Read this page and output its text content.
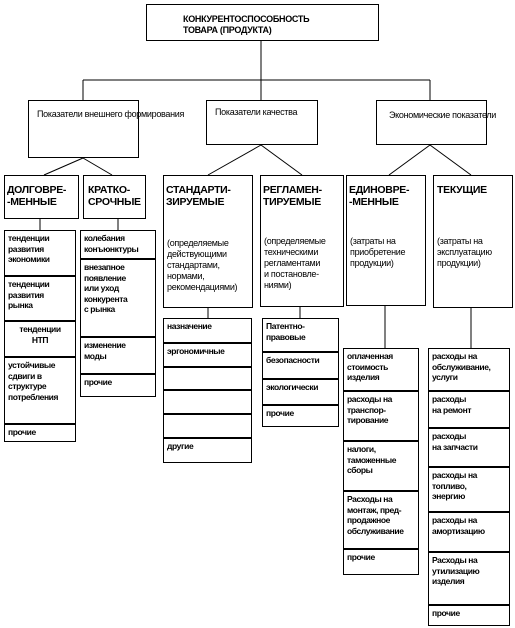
КОНКУРЕНТОСПОСОБНОСТЬ
ТОВАРА (ПРОДУКТА)
Показатели внешнего формирования	Показатели качества	Экономические показатели
ДОЛГОВРЕ-
-МЕННЫЕ
КРАТКО-
СРОЧНЫЕ
СТАНДАРТИ-
ЗИРУЕМЫЕ
(определяемые
действующими
стандартами,
нормами,
рекомендациями)
РЕГЛАМЕН-
ТИРУЕМЫЕ
(определяемые
техническими
регламентами
и постановле-
ниями)
ЕДИНОВРЕ-
-МЕННЫЕ
(затраты на
приобретение
продукции)
ТЕКУЩИЕ
(затраты на
эксплуатацию
продукции)
тенденции
развития
экономики
тенденции
развития
рынка
тенденции
НТП
устойчивые
сдвиги в
структуре
потребления
прочие
колебания
конъюнктуры
внезапное
появление
или уход
конкурента
с рынка
изменение
моды
прочие
назначение
эргономичные
другие
Патентно-
правовые
безопасности
экологически
прочие
оплаченная
стоимость
изделия
расходы на
транспор-
тирование
налоги,
таможенные
сборы
Расходы на
монтаж, пред-
продажное
обслуживание
прочие
расходы на
обслуживание,
услуги
расходы
на ремонт
расходы
на запчасти
расходы на
топливо,
энергию
расходы на
амортизацию
Расходы на
утилизацию
изделия
прочие
